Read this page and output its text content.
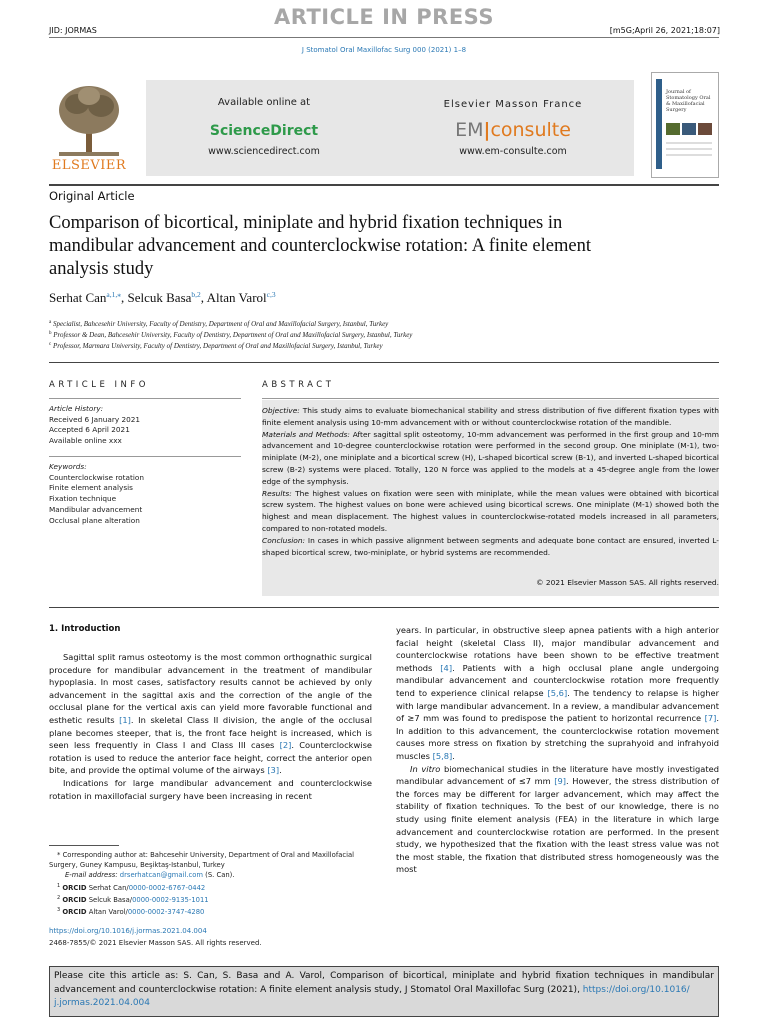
ARTICLE IN PRESS
JID: JORMAS	[m5G;April 26, 2021;18:07]
J Stomatol Oral Maxillofac Surg 000 (2021) 1–8
ELSEVIER
Available online at
ScienceDirect
www.sciencedirect.com
Elsevier Masson France
EM|consulte
www.em-consulte.com
Journal of Stomatology Oral & Maxillofacial Surgery
Original Article
Comparison of bicortical, miniplate and hybrid fixation techniques in mandibular advancement and counterclockwise rotation: A finite element analysis study
Serhat Can$^{a,1,⁎}$, Selcuk Basa$^{b,2}$, Altan Varol$^{c,3}$
$^a$ Specialist, Bahcesehir University, Faculty of Dentistry, Department of Oral and Maxillofacial Surgery, Istanbul, Turkey
$^b$ Professor & Dean, Bahcesehir University, Faculty of Dentistry, Department of Oral and Maxillofacial Surgery, Istanbul, Turkey
$^c$ Professor, Marmara University, Faculty of Dentistry, Department of Oral and Maxillofacial Surgery, Istanbul, Turkey
ARTICLE INFO	ABSTRACT
Article History:
Received 6 January 2021
Accepted 6 April 2021
Available online xxx
Keywords:
Counterclockwise rotation
Finite element analysis
Fixation technique
Mandibular advancement
Occlusal plane alteration
Objective: This study aims to evaluate biomechanical stability and stress distribution of five different fixation types with finite element analysis using 10-mm advancement with or without counterclockwise rotation of the mandible.
Materials and Methods: After sagittal split osteotomy, 10-mm advancement was performed in the first group and 10-mm advancement and 10-degree counterclockwise rotation were performed in the second group. One miniplate (M-1), two-miniplate (M-2), one miniplate and a bicortical screw (H), L-shaped bicortical screw (B-1), and inverted L-shaped bicortical screw (B-2) systems were placed. Totally, 120 N force was applied to the models at a 45-degree angle from the lower edge of the symphysis.
Results: The highest values on fixation were seen with miniplate, while the mean values were obtained with bicortical screw system. The highest values on bone were achieved using bicortical screws. One miniplate (M-1) showed both the highest and mean displacement. The highest values in counterclockwise-rotated models increased in all parameters, compared to non-rotated models.
Conclusion: In cases in which passive alignment between segments and adequate bone contact are ensured, inverted L-shaped bicortical screw, two-miniplate, or hybrid systems are recommended.
© 2021 Elsevier Masson SAS. All rights reserved.
1. Introduction
Sagittal split ramus osteotomy is the most common orthognathic surgical procedure for mandibular advancement in the treatment of mandibular hypoplasia. In most cases, satisfactory results cannot be achieved by only advancement in the sagittal axis and the correction of the angle of the occlusal plane for the vertical axis can yield more favorable functional and esthetic results [1]. In skeletal Class II division, the angle of the occlusal plane becomes steeper, that is, the front face height is increased, which is seen less frequently in Class I and Class III cases [2]. Counterclockwise rotation is used to reduce the anterior face height, correct the anterior open bite, and provide the optimal volume of the airways [3].
Indications for large mandibular advancement and counterclockwise rotation in maxillofacial surgery have been increasing in recent
years. In particular, in obstructive sleep apnea patients with a high anterior facial height (skeletal Class II), major mandibular advancement and counterclockwise rotations have been shown to be effective treatment methods [4]. Patients with a high occlusal plane angle undergoing mandibular advancement and counterclockwise rotation more frequently tend to experience clinical relapse [5,6]. The tendency to relapse is higher with large mandibular advancement. In a review, a mandibular advancement of ≥7 mm was found to predispose the patient to horizontal recurrence [7]. In addition to this advancement, the counterclockwise rotation movement causes more stress on fixation by stretching the suprahyoid and infrahyoid muscles [5,8].
In vitro biomechanical studies in the literature have mostly investigated mandibular advancement of ≤7 mm [9]. However, the stress distribution of the forces may be different for larger advancement, which may affect the stability of fixation techniques. To the best of our knowledge, there is no study using finite element analysis (FEA) in the literature in which large advancement and counterclockwise rotation are performed. In the present study, we hypothesized that the fixation with the least stress value was not the most stable, the fixation that distributed stress homogeneously was the most
* Corresponding author at: Bahcesehir University, Department of Oral and Maxillofacial Surgery, Guney Kampusu, Beşiktaş-Istanbul, Turkey
E-mail address: drserhatcan@gmail.com (S. Can).
$^1$ ORCID Serhat Can/0000-0002-6767-0442
$^2$ ORCID Selcuk Basa/0000-0002-9135-1011
$^3$ ORCID Altan Varol/0000-0002-3747-4280
https://doi.org/10.1016/j.jormas.2021.04.004
2468-7855/© 2021 Elsevier Masson SAS. All rights reserved.
Please cite this article as: S. Can, S. Basa and A. Varol, Comparison of bicortical, miniplate and hybrid fixation techniques in mandibular advancement and counterclockwise rotation: A finite element analysis study, J Stomatol Oral Maxillofac Surg (2021), https://doi.org/10.1016/
j.jormas.2021.04.004
